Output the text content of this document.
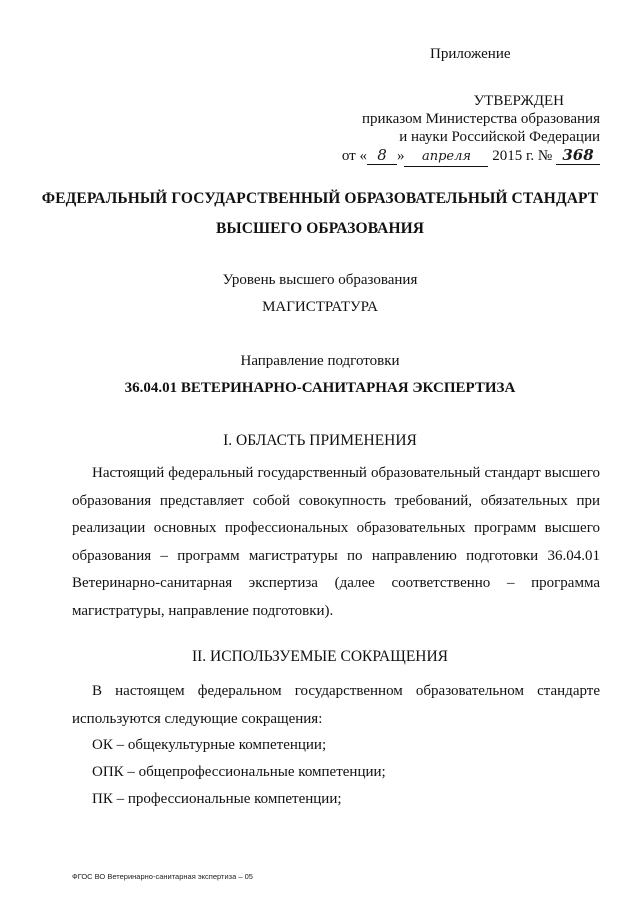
Приложение
УТВЕРЖДЕН
приказом Министерства образования
и науки Российской Федерации
от « 8 » апреля 2015 г. № 368
ФЕДЕРАЛЬНЫЙ ГОСУДАРСТВЕННЫЙ ОБРАЗОВАТЕЛЬНЫЙ СТАНДАРТ
ВЫСШЕГО ОБРАЗОВАНИЯ
Уровень высшего образования
МАГИСТРАТУРА
Направление подготовки
36.04.01 ВЕТЕРИНАРНО-САНИТАРНАЯ ЭКСПЕРТИЗА
I. ОБЛАСТЬ ПРИМЕНЕНИЯ
Настоящий федеральный государственный образовательный стандарт высшего образования представляет собой совокупность требований, обязательных при реализации основных профессиональных образовательных программ высшего образования – программ магистратуры по направлению подготовки 36.04.01 Ветеринарно-санитарная экспертиза (далее соответственно – программа магистратуры, направление подготовки).
II. ИСПОЛЬЗУЕМЫЕ СОКРАЩЕНИЯ
В настоящем федеральном государственном образовательном стандарте используются следующие сокращения:
ОК – общекультурные компетенции;
ОПК – общепрофессиональные компетенции;
ПК – профессиональные компетенции;
ФГОС ВО Ветеринарно-санитарная экспертиза – 05
